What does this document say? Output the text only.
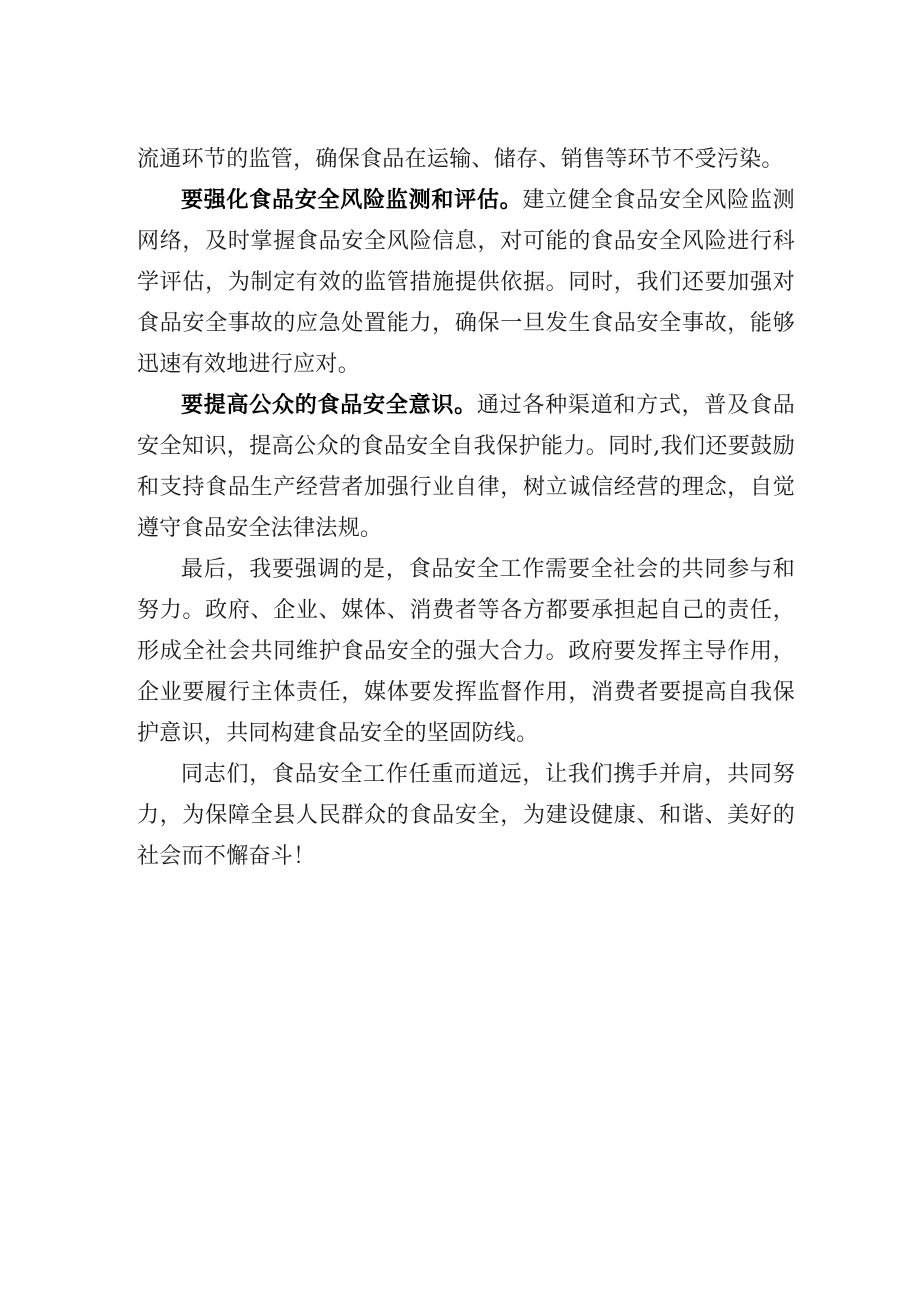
流通环节的监管，确保食品在运输、储存、销售等环节不受污染。

要强化食品安全风险监测和评估。建立健全食品安全风险监测网络，及时掌握食品安全风险信息，对可能的食品安全风险进行科学评估，为制定有效的监管措施提供依据。同时，我们还要加强对食品安全事故的应急处置能力，确保一旦发生食品安全事故，能够迅速有效地进行应对。

要提高公众的食品安全意识。通过各种渠道和方式，普及食品安全知识，提高公众的食品安全自我保护能力。同时,我们还要鼓励和支持食品生产经营者加强行业自律，树立诚信经营的理念，自觉遵守食品安全法律法规。

最后，我要强调的是，食品安全工作需要全社会的共同参与和努力。政府、企业、媒体、消费者等各方都要承担起自己的责任，形成全社会共同维护食品安全的强大合力。政府要发挥主导作用，企业要履行主体责任，媒体要发挥监督作用，消费者要提高自我保护意识，共同构建食品安全的坚固防线。

同志们，食品安全工作任重而道远，让我们携手并肩，共同努力，为保障全县人民群众的食品安全，为建设健康、和谐、美好的社会而不懈奋斗！
